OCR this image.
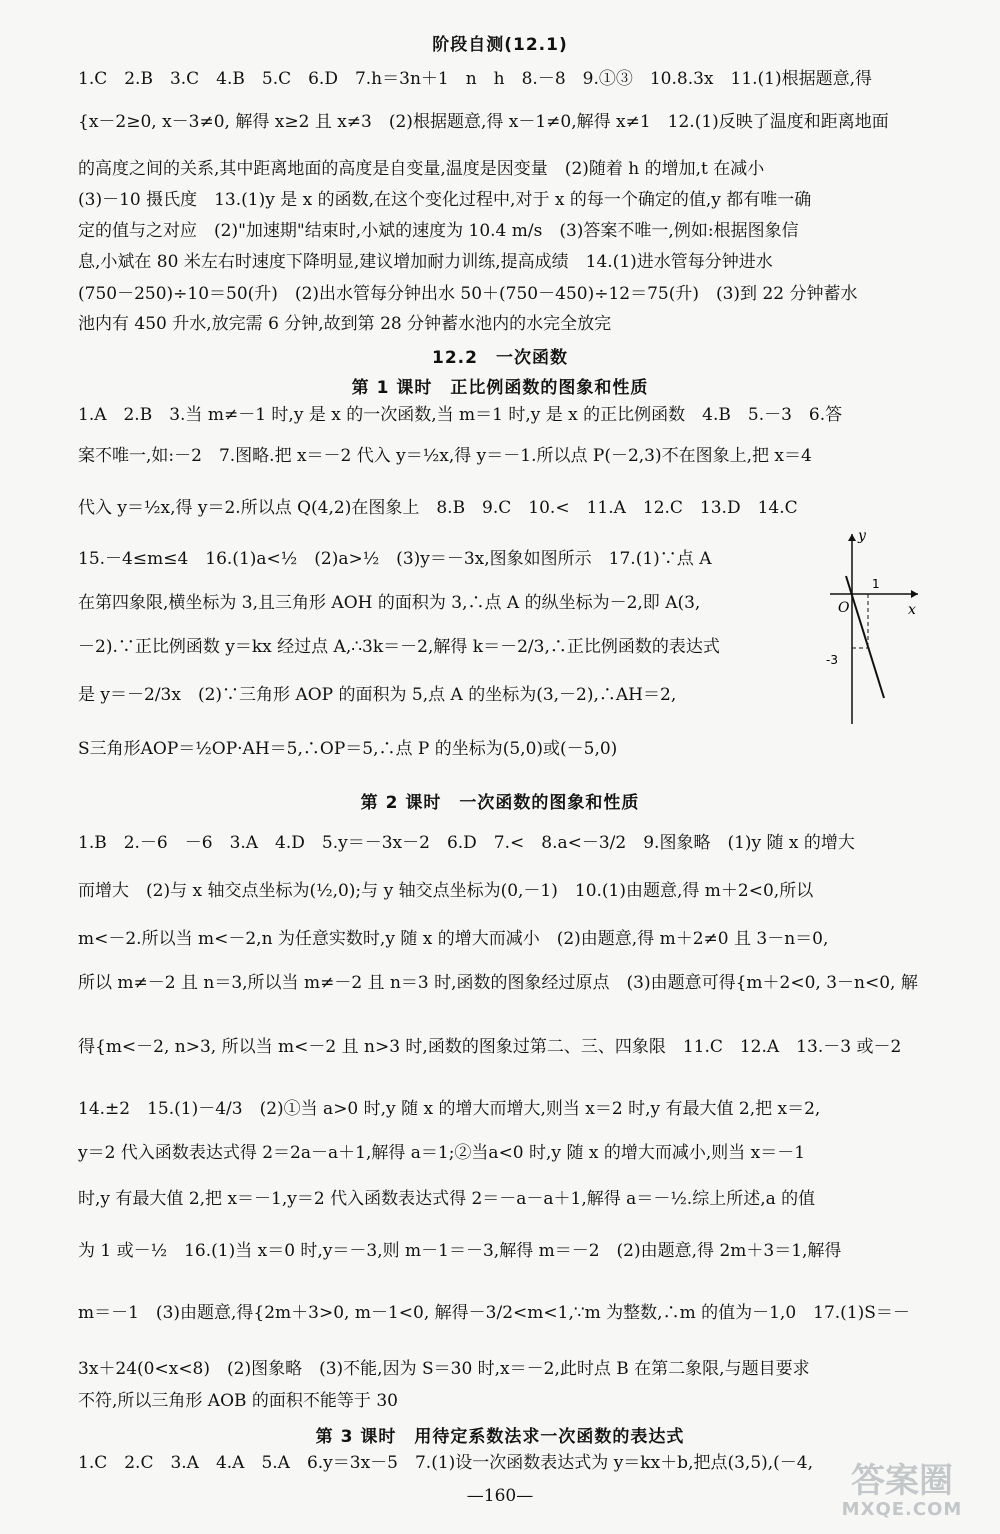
阶段自测(12.1)
1.C　2.B　3.C　4.B　5.C　6.D　7.h＝3n＋1　n　h　8.－8　9.①③　10.8.3x　11.(1)根据题意,得
{x－2≥0, x－3≠0, 解得 x≥2 且 x≠3　(2)根据题意,得 x－1≠0,解得 x≠1　12.(1)反映了温度和距离地面
的高度之间的关系,其中距离地面的高度是自变量,温度是因变量　(2)随着 h 的增加,t 在减小
(3)－10 摄氏度　13.(1)y 是 x 的函数,在这个变化过程中,对于 x 的每一个确定的值,y 都有唯一确
定的值与之对应　(2)"加速期"结束时,小斌的速度为 10.4 m/s　(3)答案不唯一,例如:根据图象信
息,小斌在 80 米左右时速度下降明显,建议增加耐力训练,提高成绩　14.(1)进水管每分钟进水
(750－250)÷10＝50(升)　(2)出水管每分钟出水 50＋(750－450)÷12＝75(升)　(3)到 22 分钟蓄水
池内有 450 升水,放完需 6 分钟,故到第 28 分钟蓄水池内的水完全放完
12.2　一次函数
第 1 课时　正比例函数的图象和性质
1.A　2.B　3.当 m≠－1 时,y 是 x 的一次函数,当 m＝1 时,y 是 x 的正比例函数　4.B　5.－3　6.答
案不唯一,如:－2　7.图略.把 x＝－2 代入 y＝½x,得 y＝－1.所以点 P(－2,3)不在图象上,把 x＝4
代入 y＝½x,得 y＝2.所以点 Q(4,2)在图象上　8.B　9.C　10.<　11.A　12.C　13.D　14.C
15.－4≤m≤4　16.(1)a<½　(2)a>½　(3)y＝－3x,图象如图所示　17.(1)∵点 A
在第四象限,横坐标为 3,且三角形 AOH 的面积为 3,∴点 A 的纵坐标为－2,即 A(3,
－2).∵正比例函数 y＝kx 经过点 A,∴3k＝－2,解得 k＝－2/3,∴正比例函数的表达式
是 y＝－2/3x　(2)∵三角形 AOP 的面积为 5,点 A 的坐标为(3,－2),∴AH＝2,
S三角形AOP＝½OP·AH＝5,∴OP＝5,∴点 P 的坐标为(5,0)或(－5,0)
y
x
O
1
-3
第 2 课时　一次函数的图象和性质
1.B　2.－6　－6　3.A　4.D　5.y＝－3x－2　6.D　7.<　8.a<－3/2　9.图象略　(1)y 随 x 的增大
而增大　(2)与 x 轴交点坐标为(½,0);与 y 轴交点坐标为(0,－1)　10.(1)由题意,得 m＋2<0,所以
m<－2.所以当 m<－2,n 为任意实数时,y 随 x 的增大而减小　(2)由题意,得 m＋2≠0 且 3－n＝0,
所以 m≠－2 且 n＝3,所以当 m≠－2 且 n＝3 时,函数的图象经过原点　(3)由题意可得{m＋2<0, 3－n<0, 解
得{m<－2, n>3, 所以当 m<－2 且 n>3 时,函数的图象过第二、三、四象限　11.C　12.A　13.－3 或－2
14.±2　15.(1)－4/3　(2)①当 a>0 时,y 随 x 的增大而增大,则当 x＝2 时,y 有最大值 2,把 x＝2,
y＝2 代入函数表达式得 2＝2a－a＋1,解得 a＝1;②当a<0 时,y 随 x 的增大而减小,则当 x＝－1
时,y 有最大值 2,把 x＝－1,y＝2 代入函数表达式得 2＝－a－a＋1,解得 a＝－½.综上所述,a 的值
为 1 或－½　16.(1)当 x＝0 时,y＝－3,则 m－1＝－3,解得 m＝－2　(2)由题意,得 2m＋3＝1,解得
m＝－1　(3)由题意,得{2m＋3>0, m－1<0, 解得－3/2<m<1,∵m 为整数,∴m 的值为－1,0　17.(1)S＝－
3x＋24(0<x<8)　(2)图象略　(3)不能,因为 S＝30 时,x＝－2,此时点 B 在第二象限,与题目要求
不符,所以三角形 AOB 的面积不能等于 30
第 3 课时　用待定系数法求一次函数的表达式
1.C　2.C　3.A　4.A　5.A　6.y＝3x－5　7.(1)设一次函数表达式为 y＝kx＋b,把点(3,5),(－4,
—160—	答案圈
MXQE.COM
